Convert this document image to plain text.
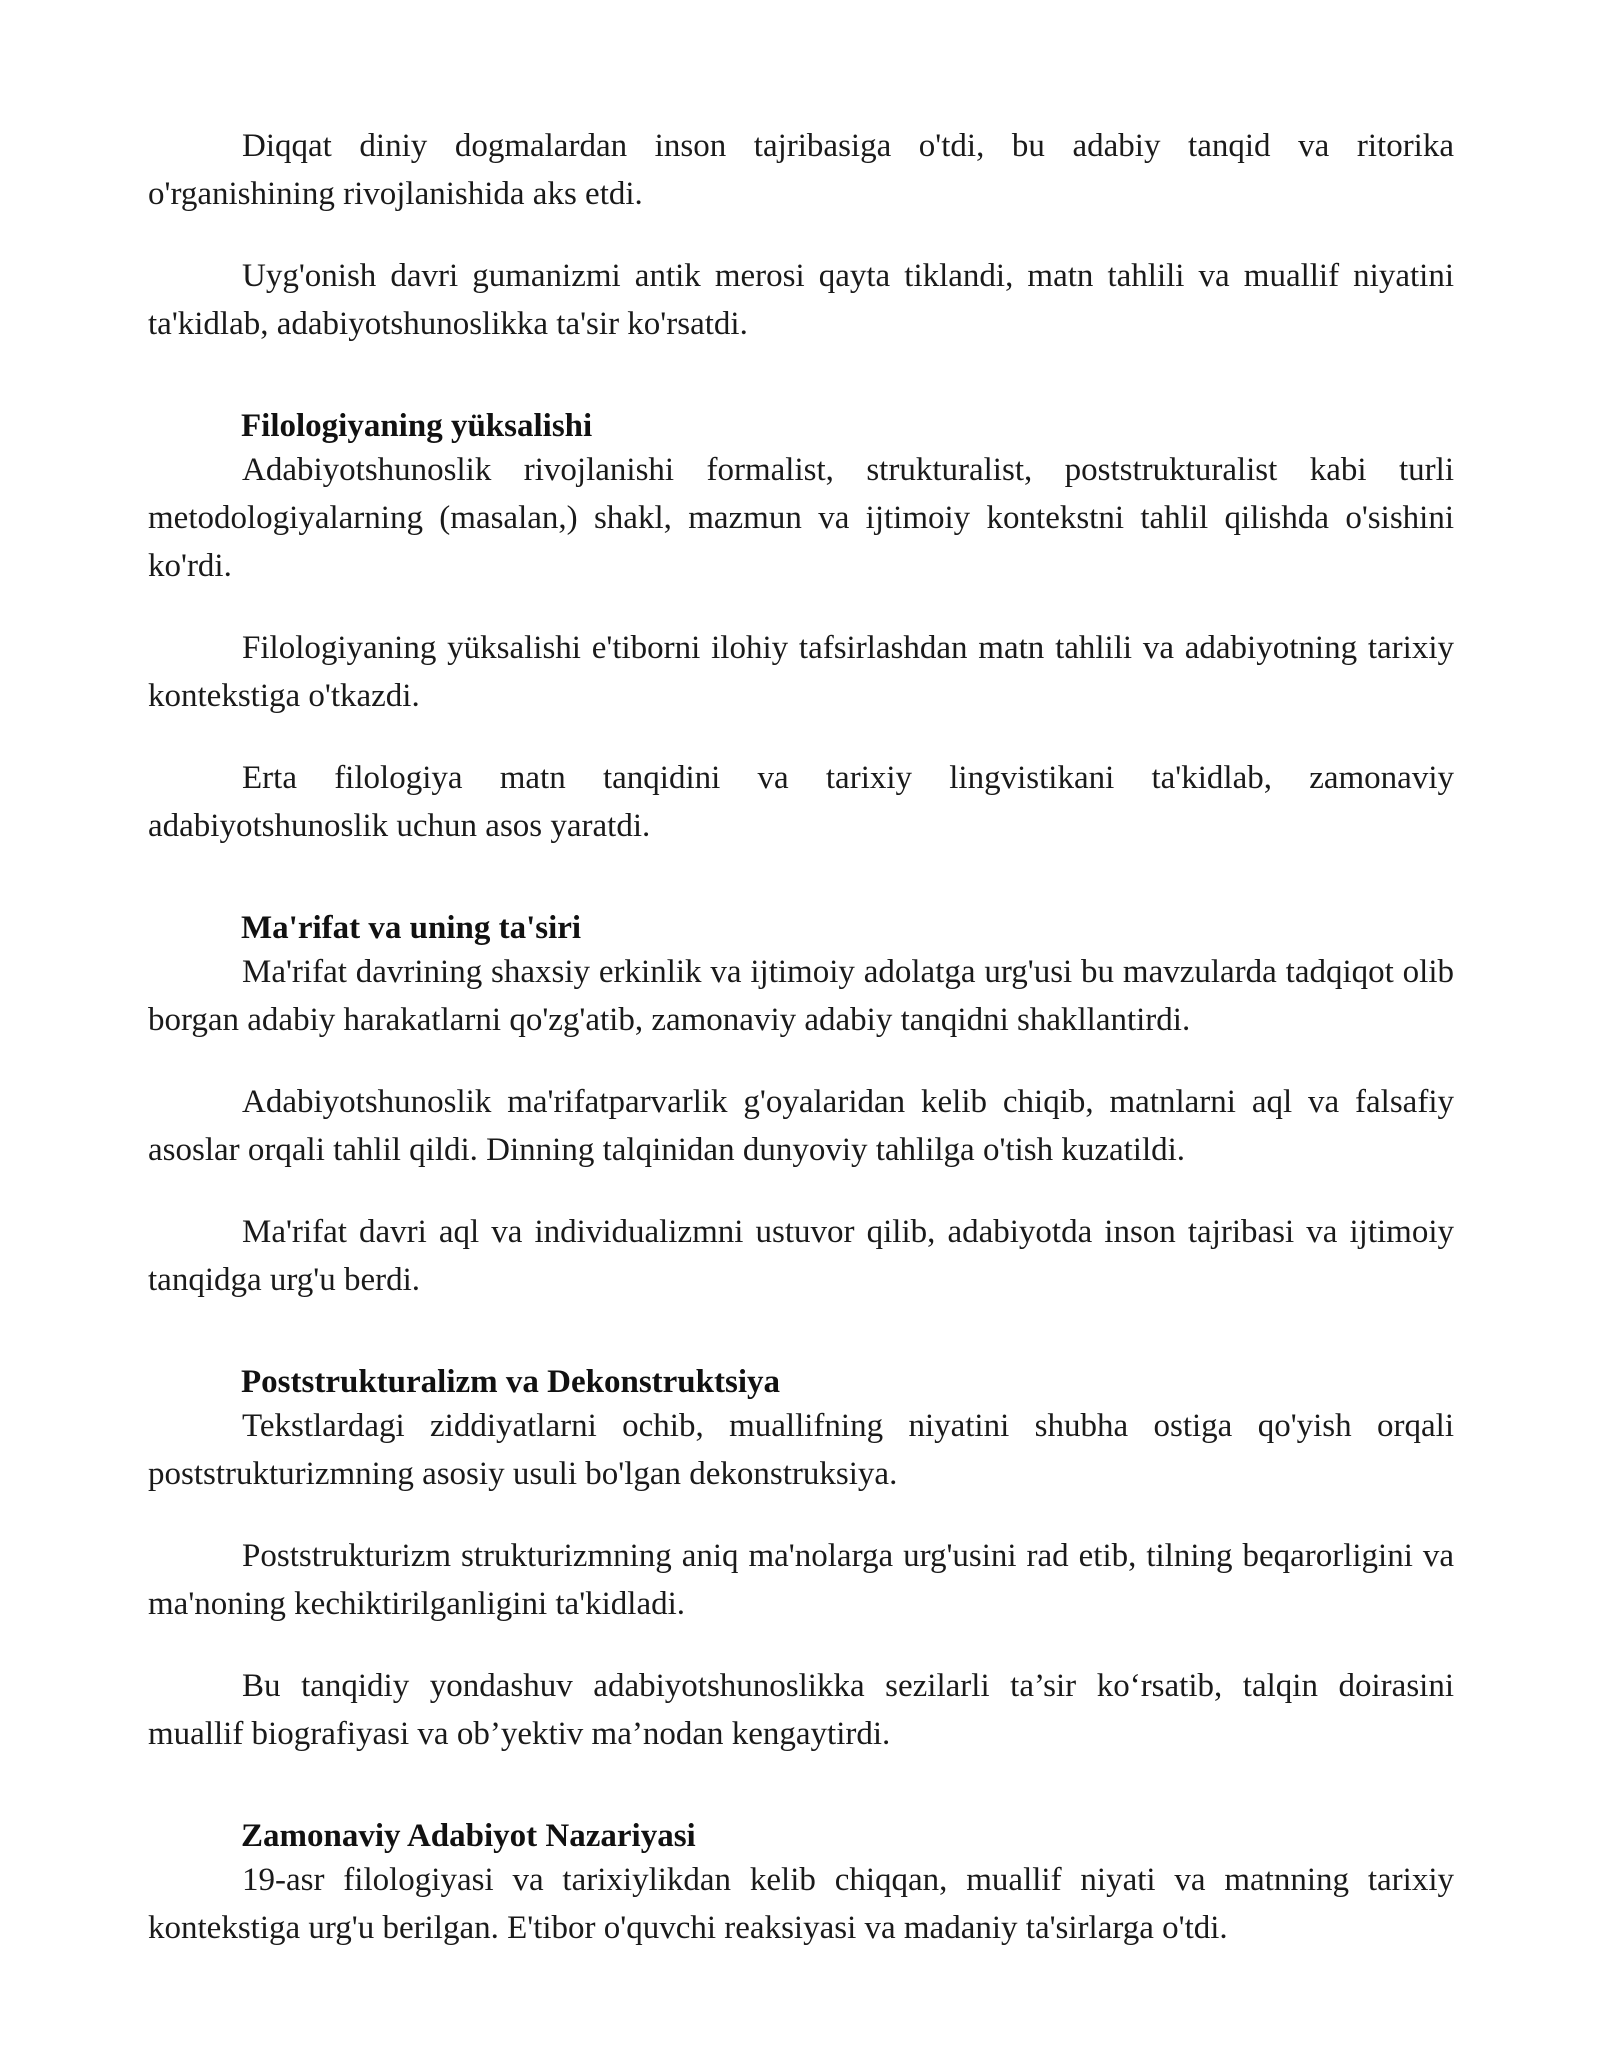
Diqqat diniy dogmalardan inson tajribasiga o'tdi, bu adabiy tanqid va ritorika o'rganishining rivojlanishida aks etdi.

Uyg'onish davri gumanizmi antik merosi qayta tiklandi, matn tahlili va muallif niyatini ta'kidlab, adabiyotshunoslikka ta'sir ko'rsatdi.

Filologiyaning yüksalishi

Adabiyotshunoslik rivojlanishi formalist, strukturalist, poststrukturalist kabi turli metodologiyalarning (masalan,) shakl, mazmun va ijtimoiy kontekstni tahlil qilishda o'sishini ko'rdi.

Filologiyaning yüksalishi e'tiborni ilohiy tafsirlashdan matn tahlili va adabiyotning tarixiy kontekstiga o'tkazdi.

Erta filologiya matn tanqidini va tarixiy lingvistikani ta'kidlab, zamonaviy adabiyotshunoslik uchun asos yaratdi.

Ma'rifat va uning ta'siri

Ma'rifat davrining shaxsiy erkinlik va ijtimoiy adolatga urg'usi bu mavzularda tadqiqot olib borgan adabiy harakatlarni qo'zg'atib, zamonaviy adabiy tanqidni shakllantirdi.

Adabiyotshunoslik ma'rifatparvarlik g'oyalaridan kelib chiqib, matnlarni aql va falsafiy asoslar orqali tahlil qildi. Dinning talqinidan dunyoviy tahlilga o'tish kuzatildi.

Ma'rifat davri aql va individualizmni ustuvor qilib, adabiyotda inson tajribasi va ijtimoiy tanqidga urg'u berdi.

Poststrukturalizm va Dekonstruktsiya

Tekstlardagi ziddiyatlarni ochib, muallifning niyatini shubha ostiga qo'yish orqali poststrukturizmning asosiy usuli bo'lgan dekonstruksiya.

Poststrukturizm strukturizmning aniq ma'nolarga urg'usini rad etib, tilning beqarorligini va ma'noning kechiktirilganligini ta'kidladi.

Bu tanqidiy yondashuv adabiyotshunoslikka sezilarli ta’sir ko‘rsatib, talqin doirasini muallif biografiyasi va ob’yektiv ma’nodan kengaytirdi.

Zamonaviy Adabiyot Nazariyasi

19-asr filologiyasi va tarixiylikdan kelib chiqqan, muallif niyati va matnning tarixiy kontekstiga urg'u berilgan. E'tibor o'quvchi reaksiyasi va madaniy ta'sirlarga o'tdi.
